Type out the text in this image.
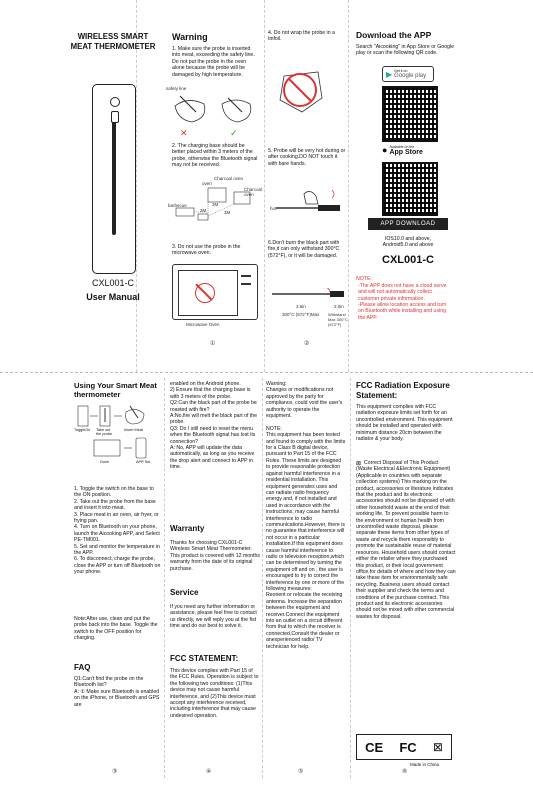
WIRELESS SMART
MEAT THERMOMETER
CXL001-C
User Manual
Warning
1. Make sure the probe is inserted into meat, exceeding the safety line. Do not put the probe in the oven alone because the probe will be damaged by high temperature.
safety line
✕	✓
2. The charging base should be better placed within 3 meters of the probe, otherwise the Bluetooth signal may not be received.
oven
Charcoal oven
Charcoal oven
barbecue
3M
3M
3M
3. Do not use the probe in the microwave oven.
Microwave Oven
①
4. Do not wrap the probe in a tinfoil.
5. Probe will be very hot during or after cooking.DO NOT touch it with bare hands.
hot
6.Don't burn the black part with fire,it can only withstand 300°C (572°F), or it will be damaged.
3.6in	2.0in
300°C (572°F)Max	Withstand Max 300°C (572°F)
②
Download the APP
Search "Aicooking" in App Store or Google play or scan the following QR code.
▶ Get it on
Google play
● Available on the
App Store
APP DOWNLOAD
IOS10.0 and above,
Android5.0 and above
CXL001-C
NOTE:
-The APP does not have a cloud serve and will not automatically collect customer private information.
-Please allow location access and turn on Bluetooth while installing and using the APP.
Using Your Smart Meat thermometer
ToggleOn Take out the probe
Insert Meat
Done	APP Set
1. Toggle the switch on the base to the ON position.
2. Take out the probe from the base and insert it into meat.
3. Place meat in an oven, air fryer, or frying pan.
4. Turn on Bluetooth on your phone, launch the Aicooking APP, and Select PE-TM001.
5. Set and monitor the temperature in the APP.
6. To disconnect, charge the probe, close the APP or turn off Bluetooth on your phone.
Note:After use, clean and put the probe back into the base. Toggle the switch to the OFF position for charging.
FAQ
Q1:Can't find the probe on the Bluetooth list?
A: ① Make sure Bluetooth is enabled on the iPhone, or Bluetooth and GPS are
③
enabled on the Android phone.
2) Ensure that the charging base is with 3 meters of the probe.
Q2:Can the black part of the probe be roasted with fire?
A:No,fire will melt the black part of the probe.
Q3: Do I still need to reset the menu when the Bluetooth signal has lost its connection?
A: No, APP will update the data automatically, as long as you receive the drop alert and connect to APP in time.
Warranty
Thanks for choosing CXL001-C Wireless Smart Meat Thermometer. This product is covered with 12 months warranty from the date of its original purchase.
Service
If you need any further information or assistance, please feel free to contact us directly, we will reply you at the fist time and do our best to solve it.
FCC STATEMENT:
This device complies with Part 15 of the FCC Rules. Operation is subject to the following two conditions: (1)This device may not cause harmful interference, and (2)This device must accept any interference received, including interference that may cause undesired operation.
④
Warning:
Changes or modifications not approved by the party for compliance, could void the user's authority to operate the equipment.

NOTE:
This equipment has been tested and found to comply with the limits for a Class B digital device, pursuant to Part 15 of the FCC Rules. These limits are designed to provide reasonable protection against harmful interference in a residential installation. This equipment generates uses and can radiate radio frequency energy and, if not installed and used in accordance with the instructions, may cause harmful interference to radio communications.However, there is no guarantee that interference will not occur in a particular installation.If this equipment does cause harmful interference to radio or television reception,which can be determined by turning the equipment off and on , the user is encouraged to try to correct the interference by one or more of the following measures:
Reorient or relocate the receiving antenna. Increase the separation between the equipment and receiver.Connect the equipment into an outlet on a circuit different from that to which the receiver is connected.Consult the dealer or anexperienced radio/ TV technician for help.
⑤
FCC Radiation Exposure Statement:
This equipment complies with FCC radiation exposure limits set forth for an uncontrolled environment. This equipment should be installed and operated with minimum distance 20cm between the radiator & your body.
⊠ Correct Disposal of This Product (Waste Electrical &Electronic Equipment)
(Applicable in countries with separate collection systems) This marking on the product, accessories or literature indicates that the product and its electronic accessories should not be disposed of with other household waste at the end of their working life. To prevent possible harm to the environment or human health from uncontrolled waste disposal, please separate these items from other types of waste and recycle them responsibly to promote the sustainable reuse of material resources. Household users should contact either the retailer where they purchased this product, or their local government office,for details of where and how they can take these item for environmentally safe recycling. Business users should contact their supplier and check the terms and conditions of the purchase contract. This product and its electronic accessories should not be mixed with other commercial wastes for disposal.
CE FC ⊠
Made in China
⑥
